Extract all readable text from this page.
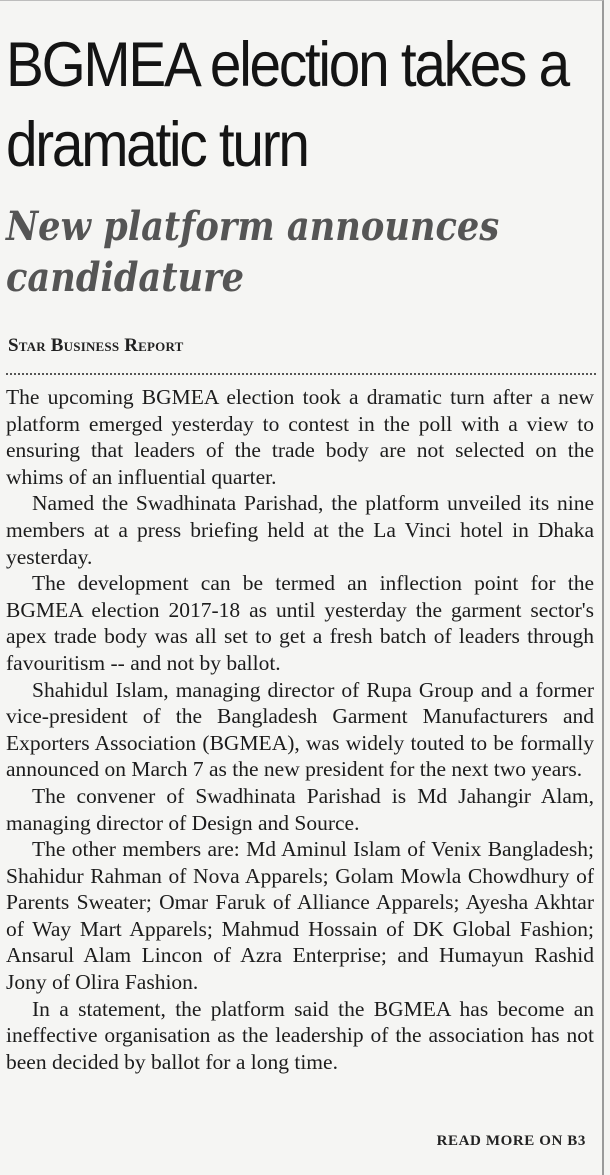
BGMEA election takes a dramatic turn
New platform announces candidature
Star Business Report

The upcoming BGMEA election took a dramatic turn after a new platform emerged yesterday to contest in the poll with a view to ensuring that leaders of the trade body are not selected on the whims of an influential quarter.

Named the Swadhinata Parishad, the platform unveiled its nine members at a press briefing held at the La Vinci hotel in Dhaka yesterday.

The development can be termed an inflection point for the BGMEA election 2017-18 as until yesterday the garment sector's apex trade body was all set to get a fresh batch of leaders through favouritism -- and not by ballot.

Shahidul Islam, managing director of Rupa Group and a former vice-president of the Bangladesh Garment Manufacturers and Exporters Association (BGMEA), was widely touted to be formally announced on March 7 as the new president for the next two years.

The convener of Swadhinata Parishad is Md Jahangir Alam, managing director of Design and Source.

The other members are: Md Aminul Islam of Venix Bangladesh; Shahidur Rahman of Nova Apparels; Golam Mowla Chowdhury of Parents Sweater; Omar Faruk of Alliance Apparels; Ayesha Akhtar of Way Mart Apparels; Mahmud Hossain of DK Global Fashion; Ansarul Alam Lincon of Azra Enterprise; and Humayun Rashid Jony of Olira Fashion.

In a statement, the platform said the BGMEA has become an ineffective organisation as the leadership of the association has not been decided by ballot for a long time.

READ MORE ON B3
